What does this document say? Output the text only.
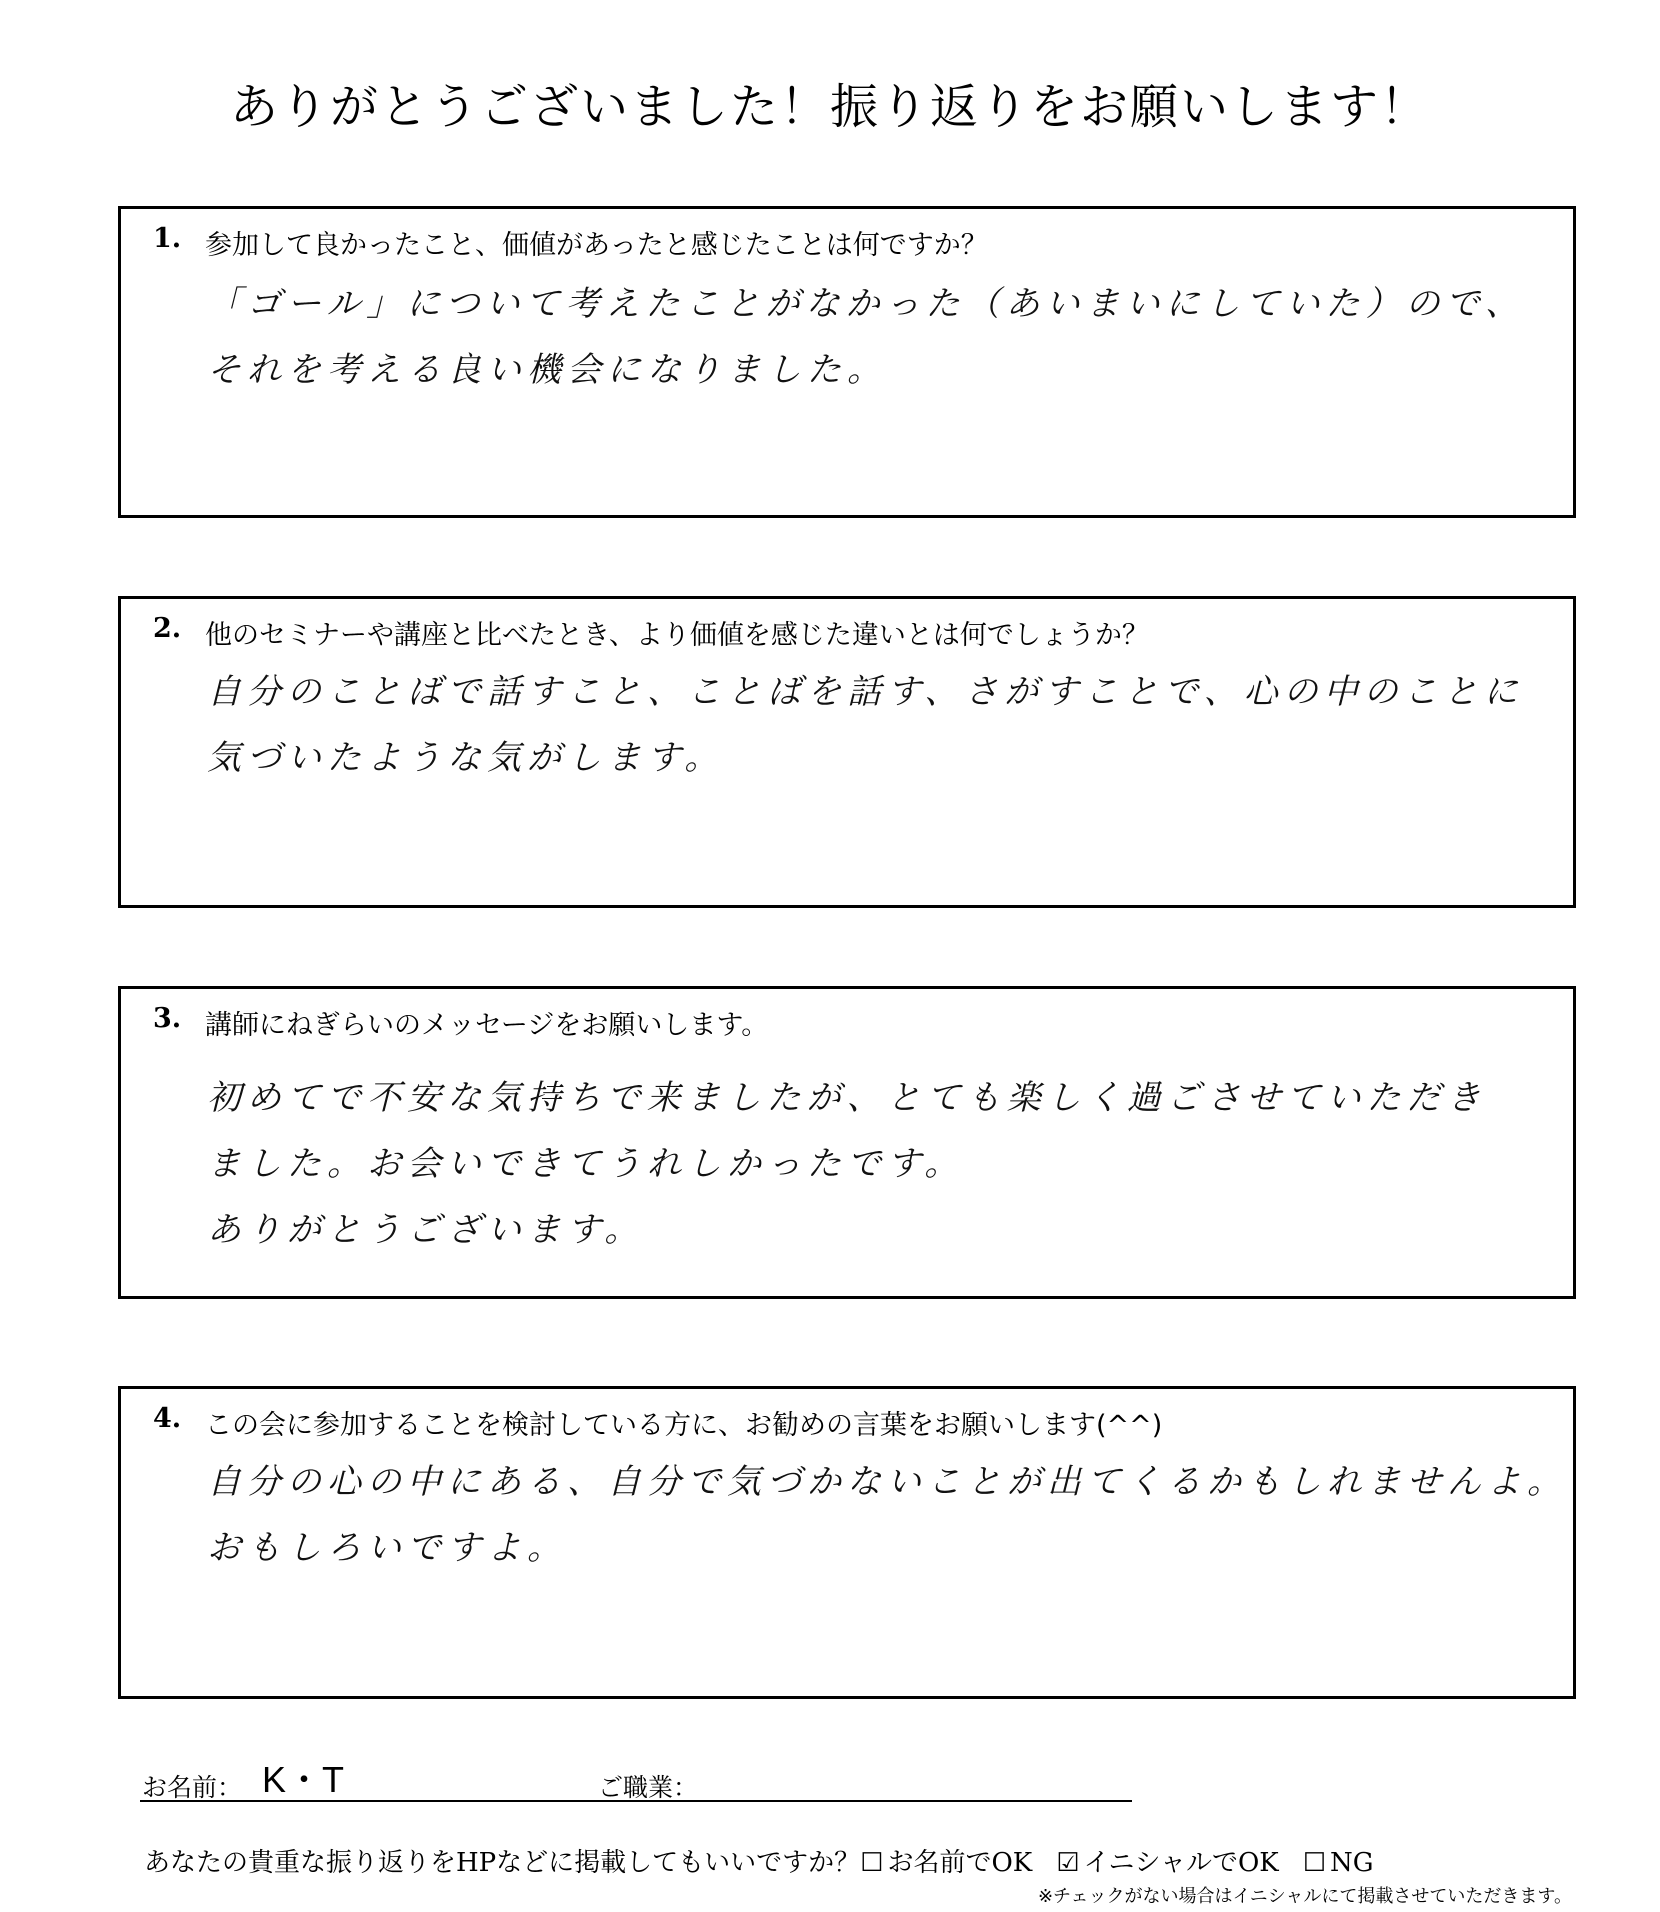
ありがとうございました！振り返りをお願いします！
1. 参加して良かったこと、価値があったと感じたことは何ですか？
「ゴール」について考えたことがなかった（あいまいにしていた）ので、
それを考える良い機会になりました。
2. 他のセミナーや講座と比べたとき、より価値を感じた違いとは何でしょうか？
自分のことばで話すこと、ことばを話す、さがすことで、心の中のことに
気づいたような気がします。
3. 講師にねぎらいのメッセージをお願いします。
初めてで不安な気持ちで来ましたが、とても楽しく過ごさせていただき
ました。お会いできてうれしかったです。
ありがとうございます。
4. この会に参加することを検討している方に、お勧めの言葉をお願いします(^^)
自分の心の中にある、自分で気づかないことが出てくるかもしれませんよ。
おもしろいですよ。
お名前： K・T	ご職業：
あなたの貴重な振り返りをHPなどに掲載してもいいですか？☐ お名前でOK ☑ イニシャルでOK ☐ NG
※チェックがない場合はイニシャルにて掲載させていただきます。
